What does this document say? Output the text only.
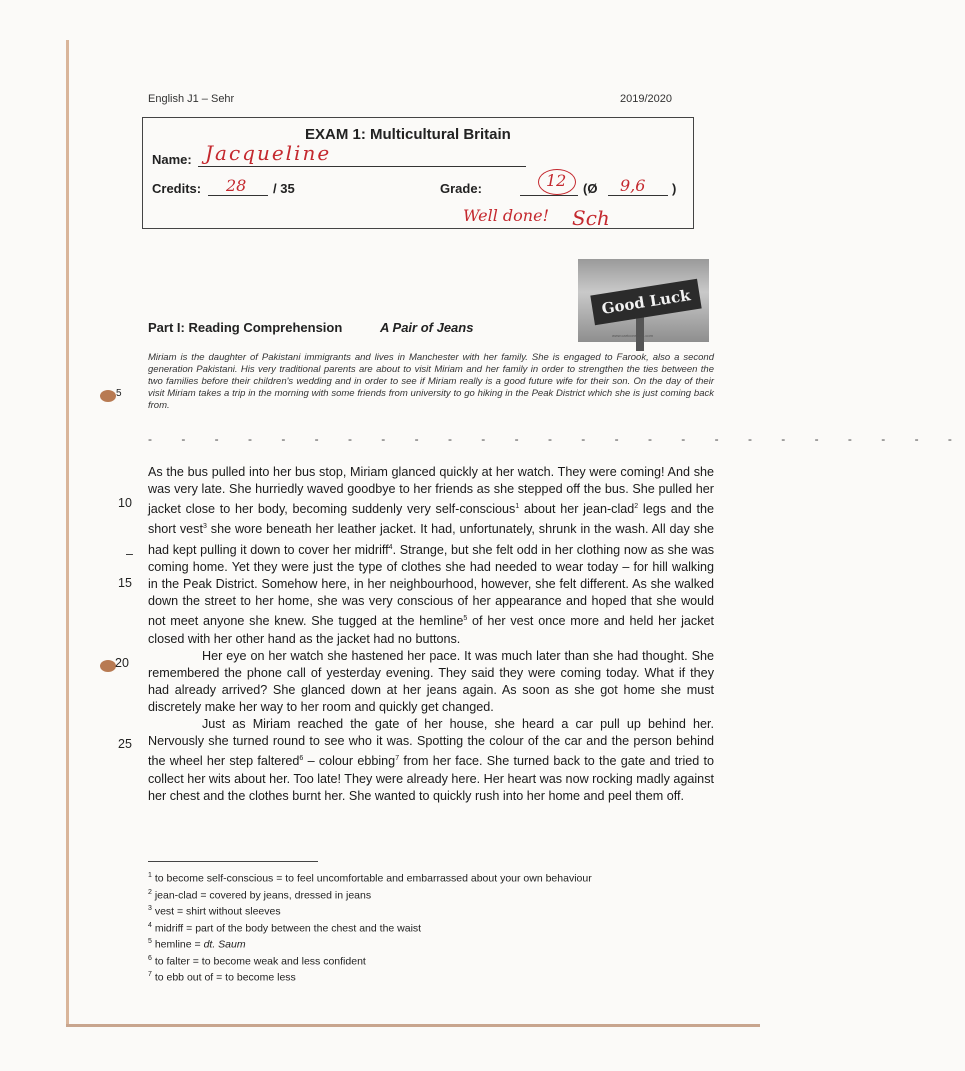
English J1 – Sehr	2019/2020
EXAM 1: Multicultural Britain
Name: Jacqueline
Credits: 28 / 35	Grade:	12 (Ø 9,6 )
Well done! Sch
Good Luck
www.cartoonstock.com
Part I: Reading Comprehension	A Pair of Jeans
Miriam is the daughter of Pakistani immigrants and lives in Manchester with her family. She is engaged to Farook, also a second generation Pakistani. His very traditional parents are about to visit Miriam and her family in order to strengthen the ties between the two families before their children's wedding and in order to see if Miriam really is a good future wife for their son. On the day of their visit Miriam takes a trip in the morning with some friends from university to go hiking in the Peak District which she is just coming back from.
- - - - - - - - - - - - - - - - - - - - - - - - -
5
10
–
15
20
25

As the bus pulled into her bus stop, Miriam glanced quickly at her watch. They were coming! And she was very late. She hurriedly waved goodbye to her friends as she stepped off the bus. She pulled her jacket close to her body, becoming suddenly very self-conscious$^1$ about her jean-clad$^2$ legs and the short vest$^3$ she wore beneath her leather jacket. It had, unfortunately, shrunk in the wash. All day she had kept pulling it down to cover her midriff$^4$. Strange, but she felt odd in her clothing now as she was coming home. Yet they were just the type of clothes she had needed to wear today – for hill walking in the Peak District. Somehow here, in her neighbourhood, however, she felt different. As she walked down the street to her home, she was very conscious of her appearance and hoped that she would not meet anyone she knew. She tugged at the hemline$^5$ of her vest once more and held her jacket closed with her other hand as the jacket had no buttons.

Her eye on her watch she hastened her pace. It was much later than she had thought. She remembered the phone call of yesterday evening. They said they were coming today. What if they had already arrived? She glanced down at her jeans again. As soon as she got home she must discretely make her way to her room and quickly get changed.

Just as Miriam reached the gate of her house, she heard a car pull up behind her. Nervously she turned round to see who it was. Spotting the colour of the car and the person behind the wheel her step faltered$^6$ – colour ebbing$^7$ from her face. She turned back to the gate and tried to collect her wits about her. Too late! They were already here. Her heart was now rocking madly against her chest and the clothes burnt her. She wanted to quickly rush into her home and peel them off.

$^1$ to become self-conscious = to feel uncomfortable and embarrassed about your own behaviour
$^2$ jean-clad = covered by jeans, dressed in jeans
$^3$ vest = shirt without sleeves
$^4$ midriff = part of the body between the chest and the waist
$^5$ hemline = dt. Saum
$^6$ to falter = to become weak and less confident
$^7$ to ebb out of = to become less
